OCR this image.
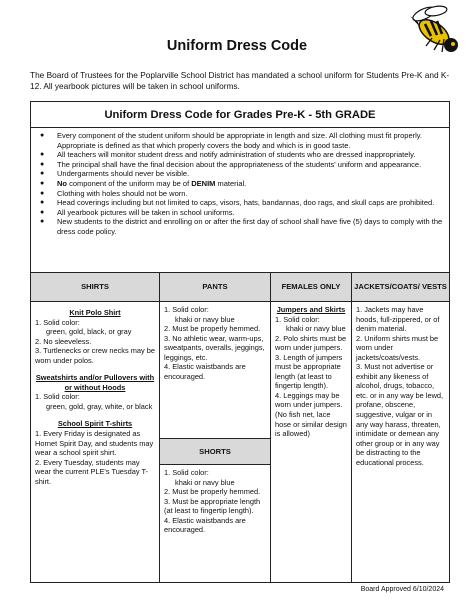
Uniform Dress Code
The Board of Trustees for the Poplarville School District has mandated a school uniform for Students Pre-K and K-12. All yearbook pictures will be taken in school uniforms.
Uniform Dress Code for Grades Pre-K - 5th GRADE
● Every component of the student uniform should be appropriate in length and size. All clothing must fit properly. Appropriate is defined as that which properly covers the body and which is in good taste.
● All teachers will monitor student dress and notify administration of students who are dressed inappropriately.
● The principal shall have the final decision about the appropriateness of the students' uniform and appearance.
● Undergarments should never be visible.
● No component of the uniform may be of DENIM material.
● Clothing with holes should not be worn.
● Head coverings including but not limited to caps, visors, hats, bandannas, doo rags, and skull caps are prohibited.
● All yearbook pictures will be taken in school uniforms.
● New students to the district and enrolling on or after the first day of school shall have five (5) days to comply with the dress code policy.
SHIRTS
Knit Polo Shirt
1. Solid color:
green, gold, black, or gray
2. No sleeveless.
3. Turtlenecks or crew necks may be worn under polos.
Sweatshirts and/or Pullovers with or without Hoods
1. Solid color:
green, gold, gray, white, or black
School Spirit T-shirts
1. Every Friday is designated as Hornet Spirit Day, and students may wear a school spirit shirt.
2. Every Tuesday, students may wear the current PLE's Tuesday T-shirt.
PANTS
1. Solid color:
khaki or navy blue
2. Must be properly hemmed.
3. No athletic wear, warm-ups, sweatpants, overalls, jeggings, leggings, etc.
4. Elastic waistbands are encouraged.
SHORTS
1. Solid color:
khaki or navy blue
2. Must be properly hemmed.
3. Must be appropriate length (at least to fingertip length).
4. Elastic waistbands are encouraged.
FEMALES ONLY
Jumpers and Skirts
1. Solid color:
khaki or navy blue
2. Polo shirts must be worn under jumpers.
3. Length of jumpers must be appropriate length (at least to fingertip length).
4. Leggings may be worn under jumpers. (No fish net, lace hose or similar design is allowed)
JACKETS/COATS/ VESTS
1. Jackets may have hoods, full-zippered, or of denim material.
2. Uniform shirts must be worn under jackets/coats/vests.
3. Must not advertise or exhibit any likeness of alcohol, drugs, tobacco, etc. or in any way be lewd, profane, obscene, suggestive, vulgar or in any way harass, threaten, intimidate or demean any other group or in any way be distracting to the educational process.
Board Approved 6/10/2024
